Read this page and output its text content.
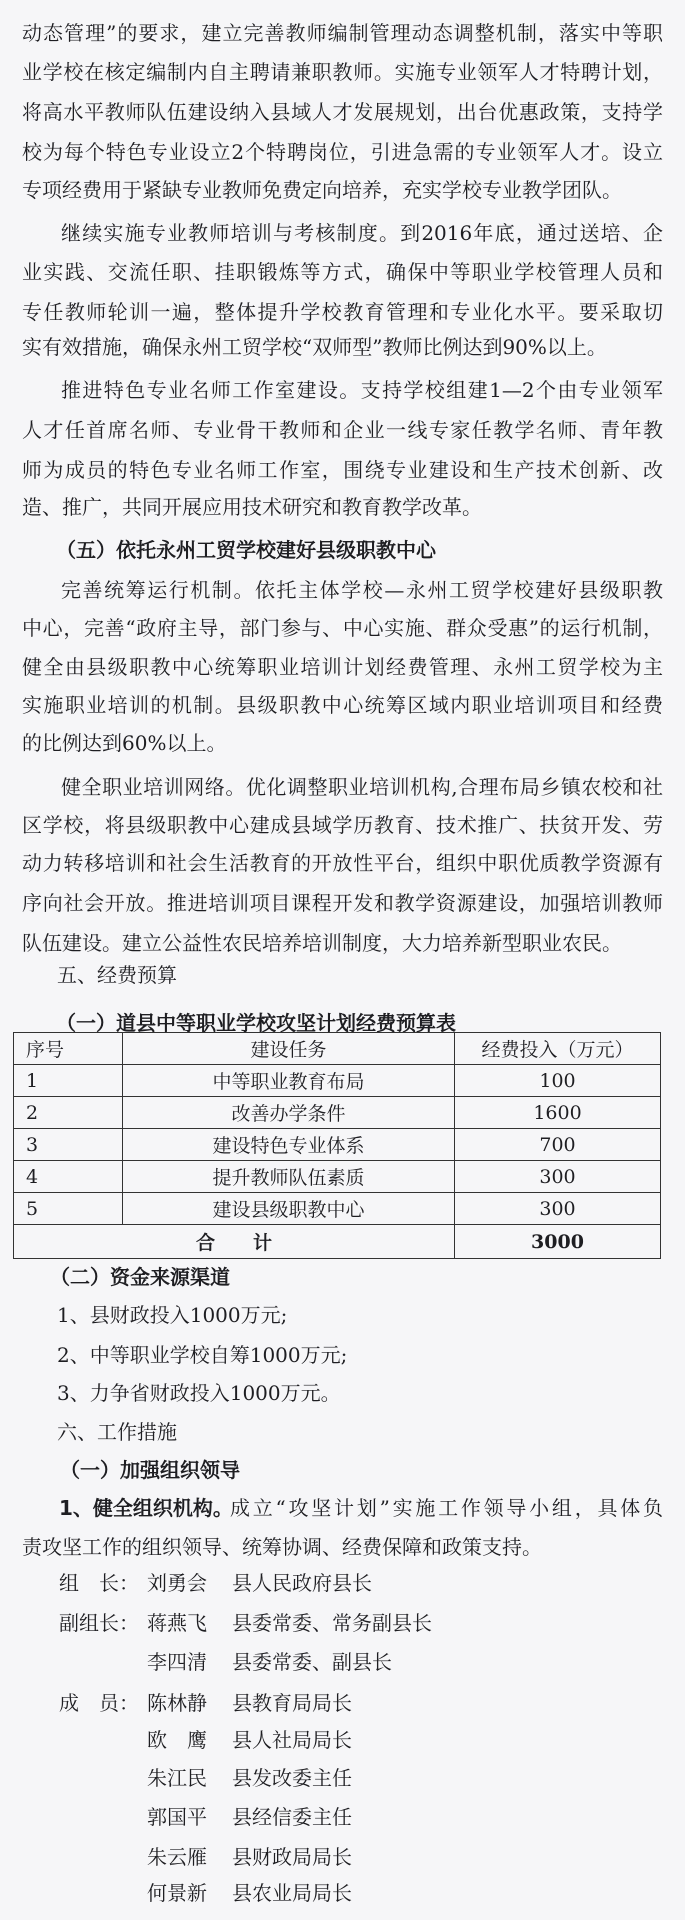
动态管理”的要求，建立完善教师编制管理动态调整机制，落实中等职
业学校在核定编制内自主聘请兼职教师。实施专业领军人才特聘计划，
将高水平教师队伍建设纳入县域人才发展规划，出台优惠政策，支持学
校为每个特色专业设立2个特聘岗位，引进急需的专业领军人才。设立
专项经费用于紧缺专业教师免费定向培养，充实学校专业教学团队。
继续实施专业教师培训与考核制度。到2016年底，通过送培、企
业实践、交流任职、挂职锻炼等方式，确保中等职业学校管理人员和
专任教师轮训一遍，整体提升学校教育管理和专业化水平。要采取切
实有效措施，确保永州工贸学校“双师型”教师比例达到90%以上。
推进特色专业名师工作室建设。支持学校组建1—2个由专业领军
人才任首席名师、专业骨干教师和企业一线专家任教学名师、青年教
师为成员的特色专业名师工作室，围绕专业建设和生产技术创新、改
造、推广，共同开展应用技术研究和教育教学改革。
（五）依托永州工贸学校建好县级职教中心
完善统筹运行机制。依托主体学校—永州工贸学校建好县级职教
中心，完善“政府主导，部门参与、中心实施、群众受惠”的运行机制，
健全由县级职教中心统筹职业培训计划经费管理、永州工贸学校为主
实施职业培训的机制。县级职教中心统筹区域内职业培训项目和经费
的比例达到60%以上。
健全职业培训网络。优化调整职业培训机构,合理布局乡镇农校和社
区学校，将县级职教中心建成县域学历教育、技术推广、扶贫开发、劳
动力转移培训和社会生活教育的开放性平台，组织中职优质教学资源有
序向社会开放。推进培训项目课程开发和教学资源建设，加强培训教师
队伍建设。建立公益性农民培养培训制度，大力培养新型职业农民。
五、经费预算
（一）道县中等职业学校攻坚计划经费预算表
（二）资金来源渠道
1、县财政投入1000万元;
2、中等职业学校自筹1000万元;
3、力争省财政投入1000万元。
六、工作措施
（一）加强组织领导
1、健全组织机构。
成立“攻坚计划”实施工作领导小组，具体负
责攻坚工作的组织领导、统筹协调、经费保障和政策支持。
组　长： 刘勇会 县人民政府县长
副组长： 蒋燕飞 县委常委、常务副县长
李四清 县委常委、副县长
成　员： 陈林静 县教育局局长
欧　鹰 县人社局局长
朱江民 县发改委主任
郭国平 县经信委主任
朱云雁 县财政局局长
何景新 县农业局局长
序号	建设任务	经费投入（万元）
1	中等职业教育布局	100
2	改善办学条件	1600
3	建设特色专业体系	700
4	提升教师队伍素质	300
5	建设县级职教中心	300
合　　计		3000
